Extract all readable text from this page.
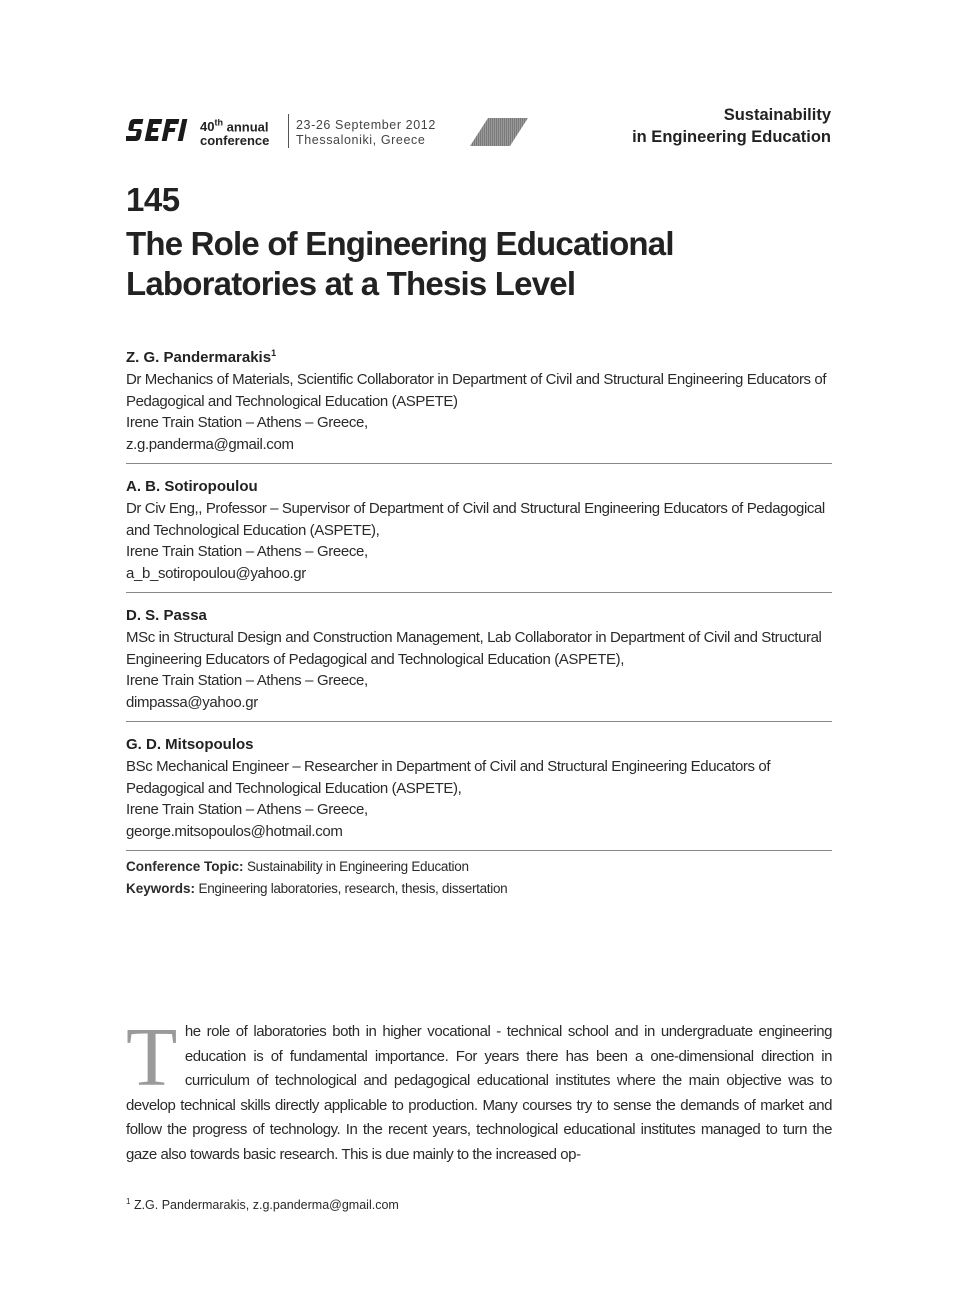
40th annual
conference
23-26 September 2012
Thessaloniki, Greece
Sustainability
in Engineering Education
145
The Role of Engineering Educational
Laboratories at a Thesis Level
Z. G. Pandermarakis$^1$
Dr Mechanics of Materials, Scientific Collaborator in Department of Civil and Structural Engineering Educators of Pedagogical and Technological Education (ASPETE)
Irene Train Station – Athens – Greece,
z.g.panderma@gmail.com
A. B. Sotiropoulou
Dr Civ Eng,, Professor – Supervisor of Department of Civil and Structural Engineering Educators of Pedagogical and Technological Education (ASPETE),
Irene Train Station – Athens – Greece,
a_b_sotiropoulou@yahoo.gr
D. S. Passa
MSc in Structural Design and Construction Management, Lab Collaborator in Department of Civil and Structural Engineering Educators of Pedagogical and Technological Education (ASPETE),
Irene Train Station – Athens – Greece,
dimpassa@yahoo.gr
G. D. Mitsopoulos
BSc Mechanical Engineer – Researcher in Department of Civil and Structural Engineering Educators of Pedagogical and Technological Education (ASPETE),
Irene Train Station – Athens – Greece,
george.mitsopoulos@hotmail.com
Conference Topic: Sustainability in Engineering Education
Keywords: Engineering laboratories, research, thesis, dissertation
The role of laboratories both in higher vocational - technical school and in undergraduate engineering education is of fundamental importance. For years there has been a one-dimensional direction in curriculum of technological and pedagogical educational institutes where the main objective was to develop technical skills directly applicable to production. Many courses try to sense the demands of market and follow the progress of technology. In the recent years, technological educational institutes managed to turn the gaze also towards basic research. This is due mainly to the increased op-
$^1$ Z.G. Pandermarakis, z.g.panderma@gmail.com
